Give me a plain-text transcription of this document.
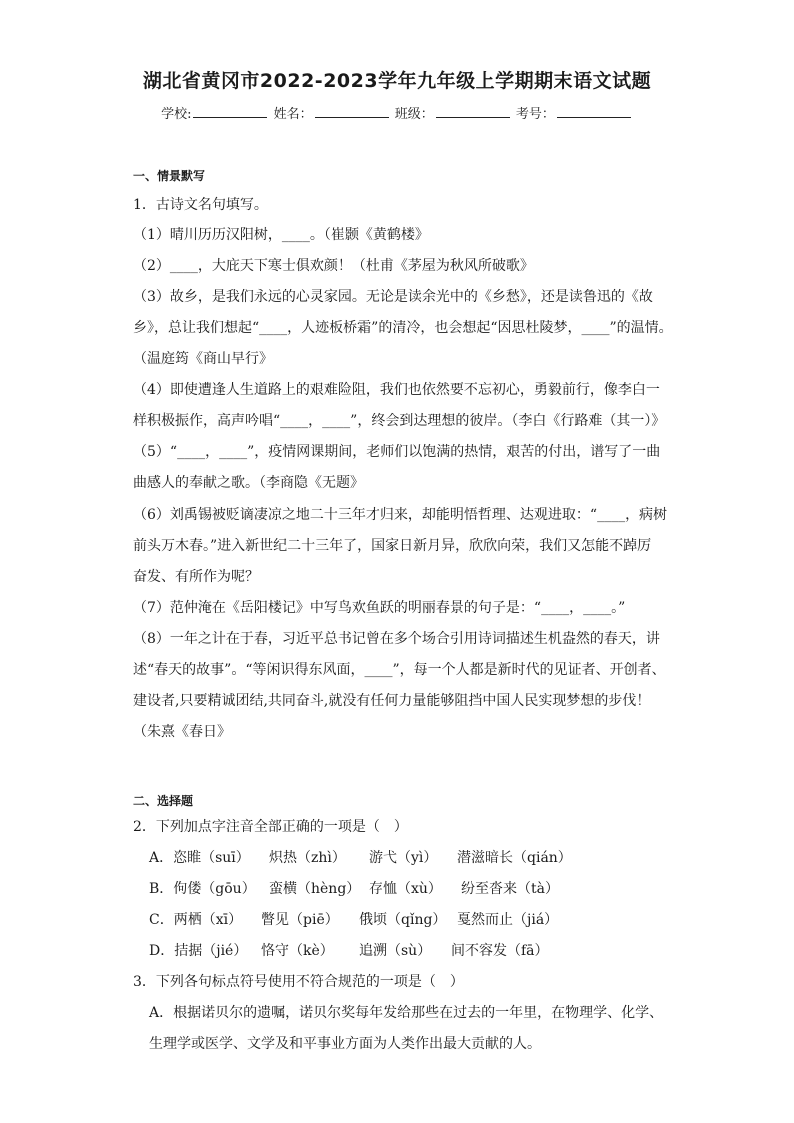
湖北省黄冈市2022-2023学年九年级上学期期末语文试题
学校:	姓名：	班级：	考号：
一、情景默写
1．古诗文名句填写。
（1）晴川历历汉阳树，____。（崔颢《黄鹤楼》
（2）____，大庇天下寒士俱欢颜！（杜甫《茅屋为秋风所破歌》
（3）故乡，是我们永远的心灵家园。无论是读余光中的《乡愁》，还是读鲁迅的《故
乡》，总让我们想起“____，人迹板桥霜”的清冷，也会想起“因思杜陵梦，____”的温情。
（温庭筠《商山早行》
（4）即使遭逢人生道路上的艰难险阻，我们也依然要不忘初心，勇毅前行，像李白一
样积极振作，高声吟唱“____，____”，终会到达理想的彼岸。（李白《行路难（其一）》
（5）“____，____”，疫情网课期间，老师们以饱满的热情，艰苦的付出，谱写了一曲
曲感人的奉献之歌。（李商隐《无题》
（6）刘禹锡被贬谪凄凉之地二十三年才归来，却能明悟哲理、达观进取：“____，病树
前头万木春。”进入新世纪二十三年了，国家日新月异，欣欣向荣，我们又怎能不踔厉
奋发、有所作为呢？
（7）范仲淹在《岳阳楼记》中写鸟欢鱼跃的明丽春景的句子是：“____，____。”
（8）一年之计在于春，习近平总书记曾在多个场合引用诗词描述生机盎然的春天，讲
述“春天的故事”。“等闲识得东风面，____”，每一个人都是新时代的见证者、开创者、
建设者,只要精诚团结,共同奋斗,就没有任何力量能够阻挡中国人民实现梦想的步伐！
（朱熹《春日》
二、选择题
2．下列加点字注音全部正确的一项是（　）
A．恣睢（suī） 炽热（zhì） 游弋（yì） 潜滋暗长（qián）
B．佝偻（gōu） 蛮横（hèng） 存恤（xù） 纷至沓来（tà）
C．两栖（xī） 瞥见（piē） 俄顷（qǐng） 戛然而止（jiá）
D．拮据（jié） 恪守（kè） 追溯（sù） 间不容发（fā）
3．下列各句标点符号使用不符合规范的一项是（　）
A．根据诺贝尔的遗嘱，诺贝尔奖每年发给那些在过去的一年里，在物理学、化学、
生理学或医学、文学及和平事业方面为人类作出最大贡献的人。
